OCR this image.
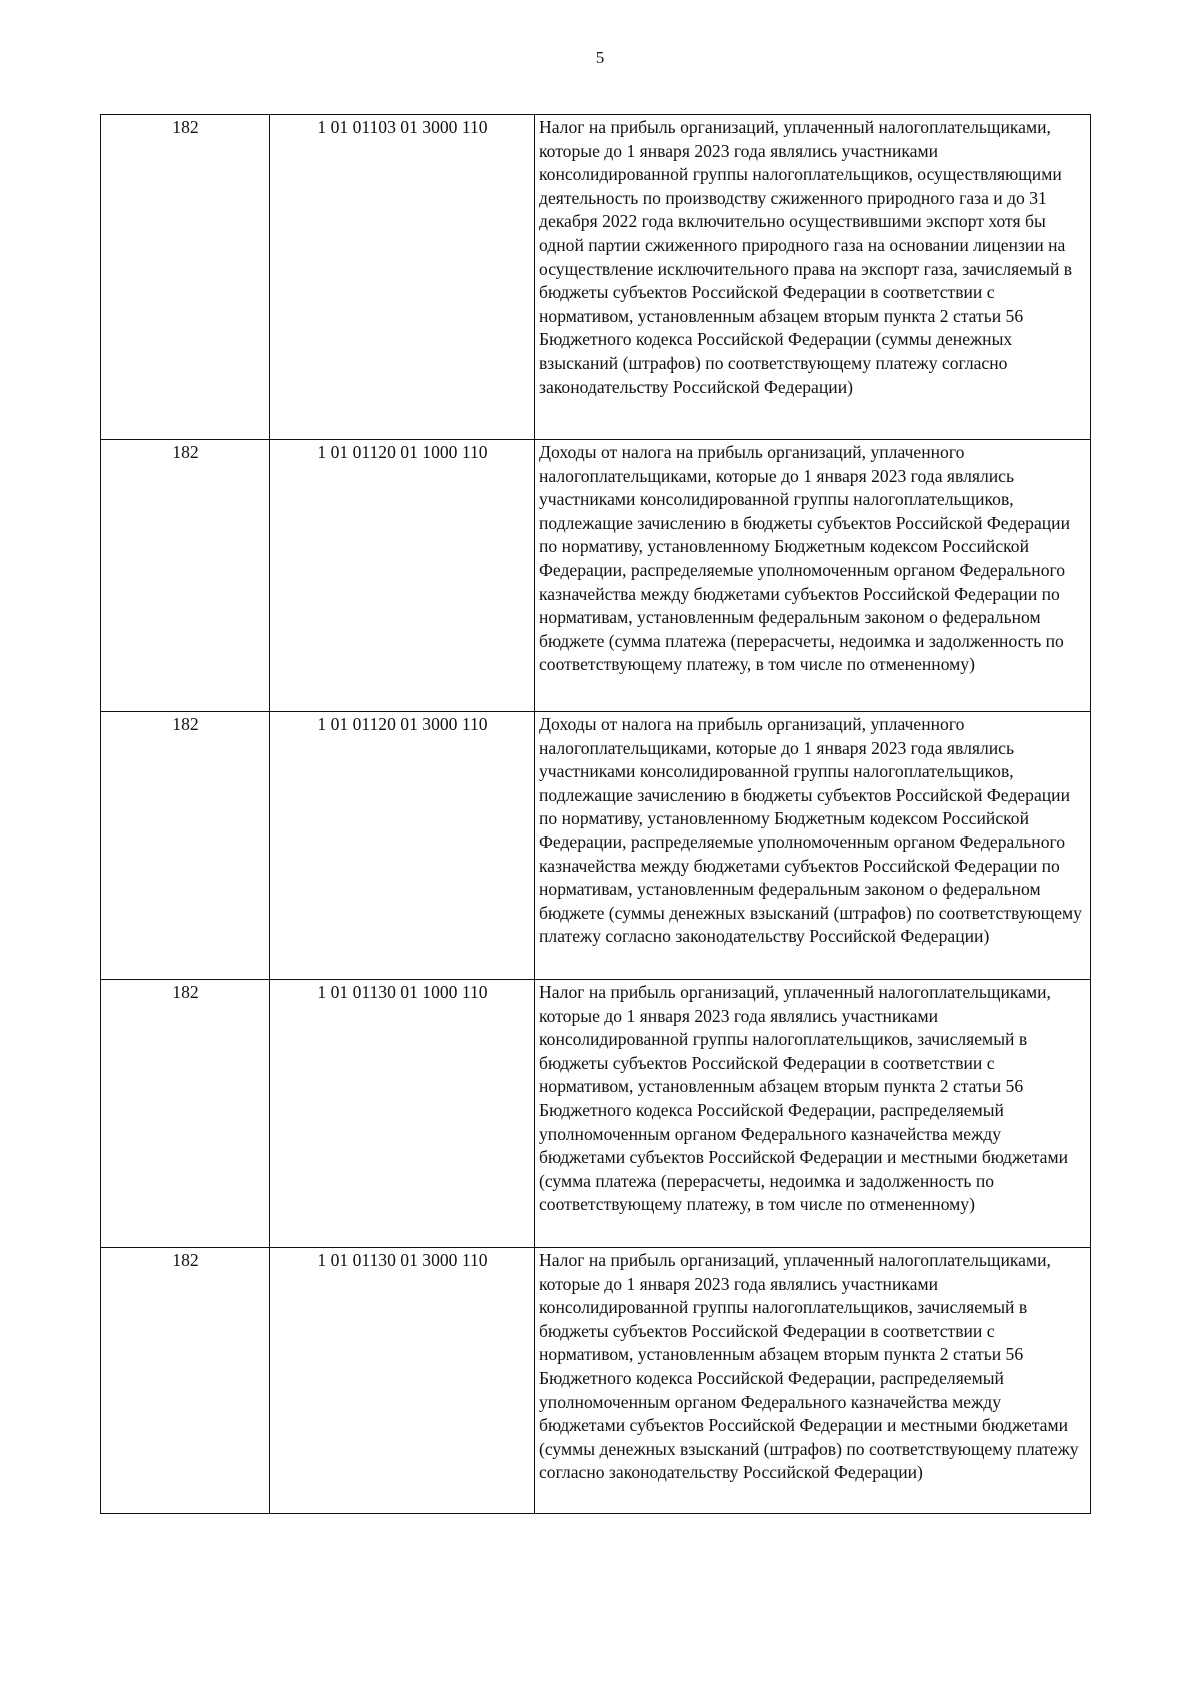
5
182	1 01 01103 01 3000 110	Налог на прибыль организаций, уплаченный налогоплательщиками, которые до 1 января 2023 года являлись участниками консолидированной группы налогоплательщиков, осуществляющими деятельность по производству сжиженного природного газа и до 31 декабря 2022 года включительно осуществившими экспорт хотя бы одной партии сжиженного природного газа на основании лицензии на осуществление исключительного права на экспорт газа, зачисляемый в бюджеты субъектов Российской Федерации в соответствии с нормативом, установленным абзацем вторым пункта 2 статьи 56 Бюджетного кодекса Российской Федерации (суммы денежных взысканий (штрафов) по соответствующему платежу согласно законодательству Российской Федерации)
182	1 01 01120 01 1000 110	Доходы от налога на прибыль организаций, уплаченного налогоплательщиками, которые до 1 января 2023 года являлись участниками консолидированной группы налогоплательщиков, подлежащие зачислению в бюджеты субъектов Российской Федерации по нормативу, установленному Бюджетным кодексом Российской Федерации, распределяемые уполномоченным органом Федерального казначейства между бюджетами субъектов Российской Федерации по нормативам, установленным федеральным законом о федеральном бюджете (сумма платежа (перерасчеты, недоимка и задолженность по соответствующему платежу, в том числе по отмененному)
182	1 01 01120 01 3000 110	Доходы от налога на прибыль организаций, уплаченного налогоплательщиками, которые до 1 января 2023 года являлись участниками консолидированной группы налогоплательщиков, подлежащие зачислению в бюджеты субъектов Российской Федерации по нормативу, установленному Бюджетным кодексом Российской Федерации, распределяемые уполномоченным органом Федерального казначейства между бюджетами субъектов Российской Федерации по нормативам, установленным федеральным законом о федеральном бюджете (суммы денежных взысканий (штрафов) по соответствующему платежу согласно законодательству Российской Федерации)
182	1 01 01130 01 1000 110	Налог на прибыль организаций, уплаченный налогоплательщиками, которые до 1 января 2023 года являлись участниками консолидированной группы налогоплательщиков, зачисляемый в бюджеты субъектов Российской Федерации в соответствии с нормативом, установленным абзацем вторым пункта 2 статьи 56 Бюджетного кодекса Российской Федерации, распределяемый уполномоченным органом Федерального казначейства между бюджетами субъектов Российской Федерации и местными бюджетами (сумма платежа (перерасчеты, недоимка и задолженность по соответствующему платежу, в том числе по отмененному)
182	1 01 01130 01 3000 110	Налог на прибыль организаций, уплаченный налогоплательщиками, которые до 1 января 2023 года являлись участниками консолидированной группы налогоплательщиков, зачисляемый в бюджеты субъектов Российской Федерации в соответствии с нормативом, установленным абзацем вторым пункта 2 статьи 56 Бюджетного кодекса Российской Федерации, распределяемый уполномоченным органом Федерального казначейства между бюджетами субъектов Российской Федерации и местными бюджетами (суммы денежных взысканий (штрафов) по соответствующему платежу согласно законодательству Российской Федерации)
